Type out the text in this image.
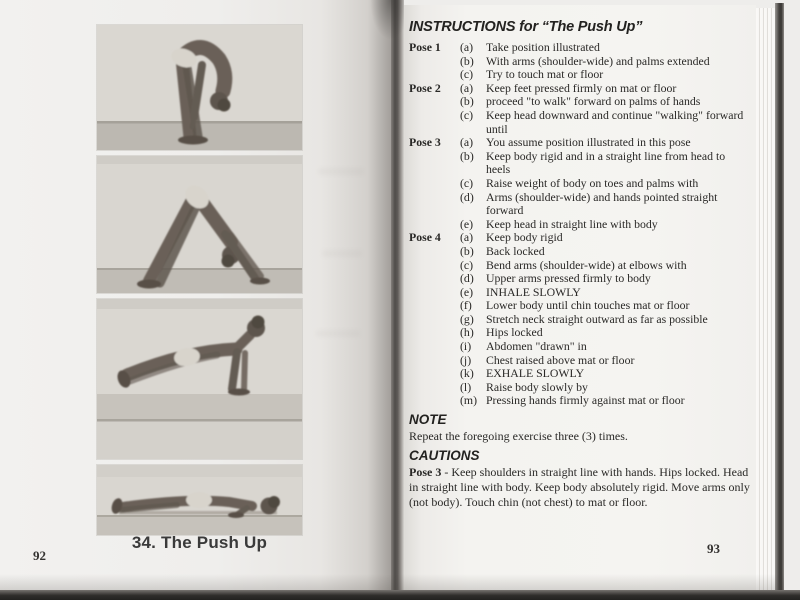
34. The Push Up
92
INSTRUCTIONS for “The Push Up”
Pose 1	(a)	Take position illustrated
(b)	With arms (shoulder-wide) and palms extended
(c)	Try to touch mat or floor
Pose 2	(a)	Keep feet pressed firmly on mat or floor
(b)	proceed "to walk" forward on palms of hands
(c)	Keep head downward and continue "walking" forward until
Pose 3	(a)	You assume position illustrated in this pose
(b)	Keep body rigid and in a straight line from head to heels
(c)	Raise weight of body on toes and palms with
(d)	Arms (shoulder-wide) and hands pointed straight forward
(e)	Keep head in straight line with body
Pose 4	(a)	Keep body rigid
(b)	Back locked
(c)	Bend arms (shoulder-wide) at elbows with
(d)	Upper arms pressed firmly to body
(e)	INHALE SLOWLY
(f)	Lower body until chin touches mat or floor
(g)	Stretch neck straight outward as far as possible
(h)	Hips locked
(i)	Abdomen "drawn" in
(j)	Chest raised above mat or floor
(k)	EXHALE SLOWLY
(l)	Raise body slowly by
(m) Pressing hands firmly against mat or floor
NOTE
Repeat the foregoing exercise three (3) times.
CAUTIONS
Pose 3 - Keep shoulders in straight line with hands. Hips locked. Head in straight line with body. Keep body absolutely rigid. Move arms only (not body). Touch chin (not chest) to mat or floor.
93
